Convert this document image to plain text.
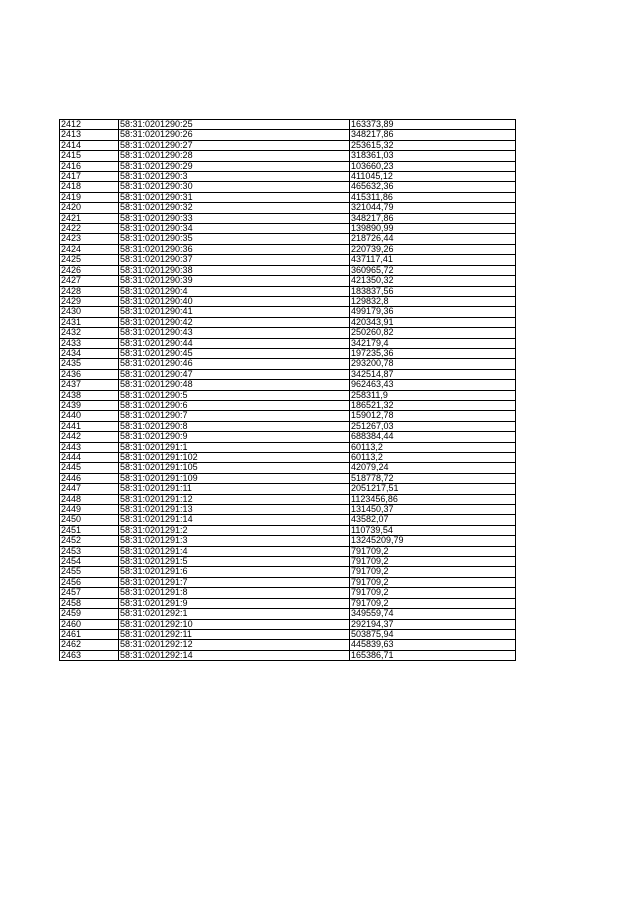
2412	58:31:0201290:25	163373,89
2413	58:31:0201290:26	348217,86
2414	58:31:0201290:27	253615,32
2415	58:31:0201290:28	318361,03
2416	58:31:0201290:29	103660,23
2417	58:31:0201290:3	411045,12
2418	58:31:0201290:30	465632,36
2419	58:31:0201290:31	415311,86
2420	58:31:0201290:32	321044,79
2421	58:31:0201290:33	348217,86
2422	58:31:0201290:34	139890,99
2423	58:31:0201290:35	218726,44
2424	58:31:0201290:36	220739,26
2425	58:31:0201290:37	437117,41
2426	58:31:0201290:38	360965,72
2427	58:31:0201290:39	421350,32
2428	58:31:0201290:4	183837,56
2429	58:31:0201290:40	129832,8
2430	58:31:0201290:41	499179,36
2431	58:31:0201290:42	420343,91
2432	58:31:0201290:43	250260,82
2433	58:31:0201290:44	342179,4
2434	58:31:0201290:45	197235,36
2435	58:31:0201290:46	293200,78
2436	58:31:0201290:47	342514,87
2437	58:31:0201290:48	962463,43
2438	58:31:0201290:5	258311,9
2439	58:31:0201290:6	186521,32
2440	58:31:0201290:7	159012,78
2441	58:31:0201290:8	251267,03
2442	58:31:0201290:9	688384,44
2443	58:31:0201291:1	60113,2
2444	58:31:0201291:102	60113,2
2445	58:31:0201291:105	42079,24
2446	58:31:0201291:109	518778,72
2447	58:31:0201291:11	2051217,51
2448	58:31:0201291:12	1123456,86
2449	58:31:0201291:13	131450,37
2450	58:31:0201291:14	43582,07
2451	58:31:0201291:2	110739,54
2452	58:31:0201291:3	13245209,79
2453	58:31:0201291:4	791709,2
2454	58:31:0201291:5	791709,2
2455	58:31:0201291:6	791709,2
2456	58:31:0201291:7	791709,2
2457	58:31:0201291:8	791709,2
2458	58:31:0201291:9	791709,2
2459	58:31:0201292:1	349559,74
2460	58:31:0201292:10	292194,37
2461	58:31:0201292:11	503875,94
2462	58:31:0201292:12	445839,63
2463	58:31:0201292:14	165386,71
